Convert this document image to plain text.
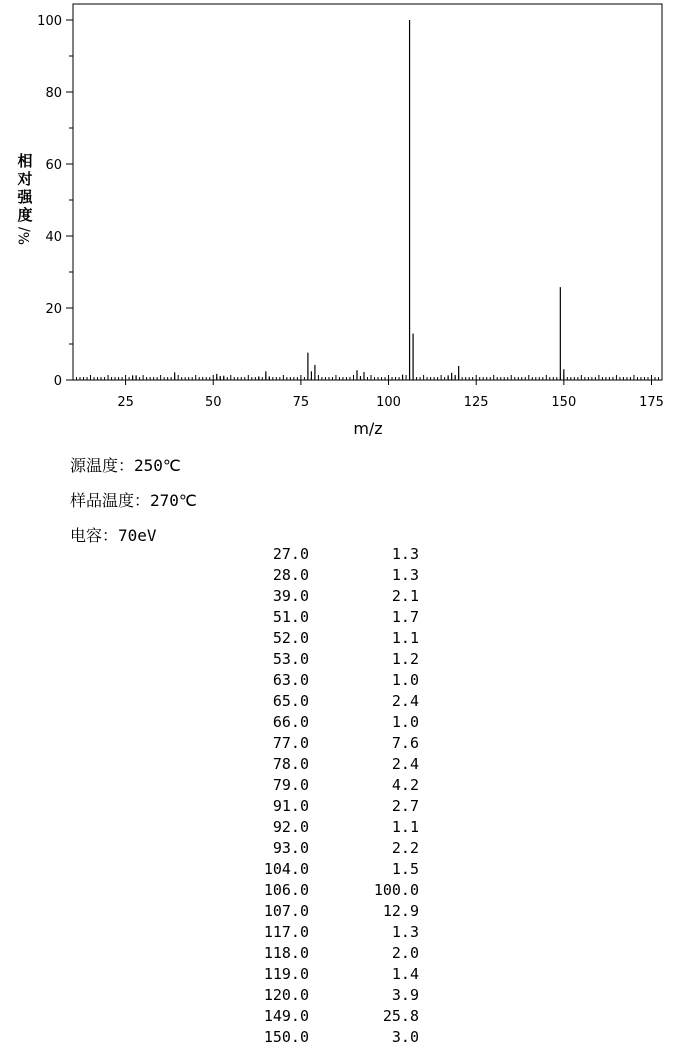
25	50	75	100	125	150	175
0
20
40
60
80
100
m/z
相
对
强
度
%/
源温度：250℃
样品温度：270℃
电容：70eV
27.0	1.3
28.0	1.3
39.0	2.1
51.0	1.7
52.0	1.1
53.0	1.2
63.0	1.0
65.0	2.4
66.0	1.0
77.0	7.6
78.0	2.4
79.0	4.2
91.0	2.7
92.0	1.1
93.0	2.2
104.0	1.5
106.0	100.0
107.0	12.9
117.0	1.3
118.0	2.0
119.0	1.4
120.0	3.9
149.0	25.8
150.0	3.0
